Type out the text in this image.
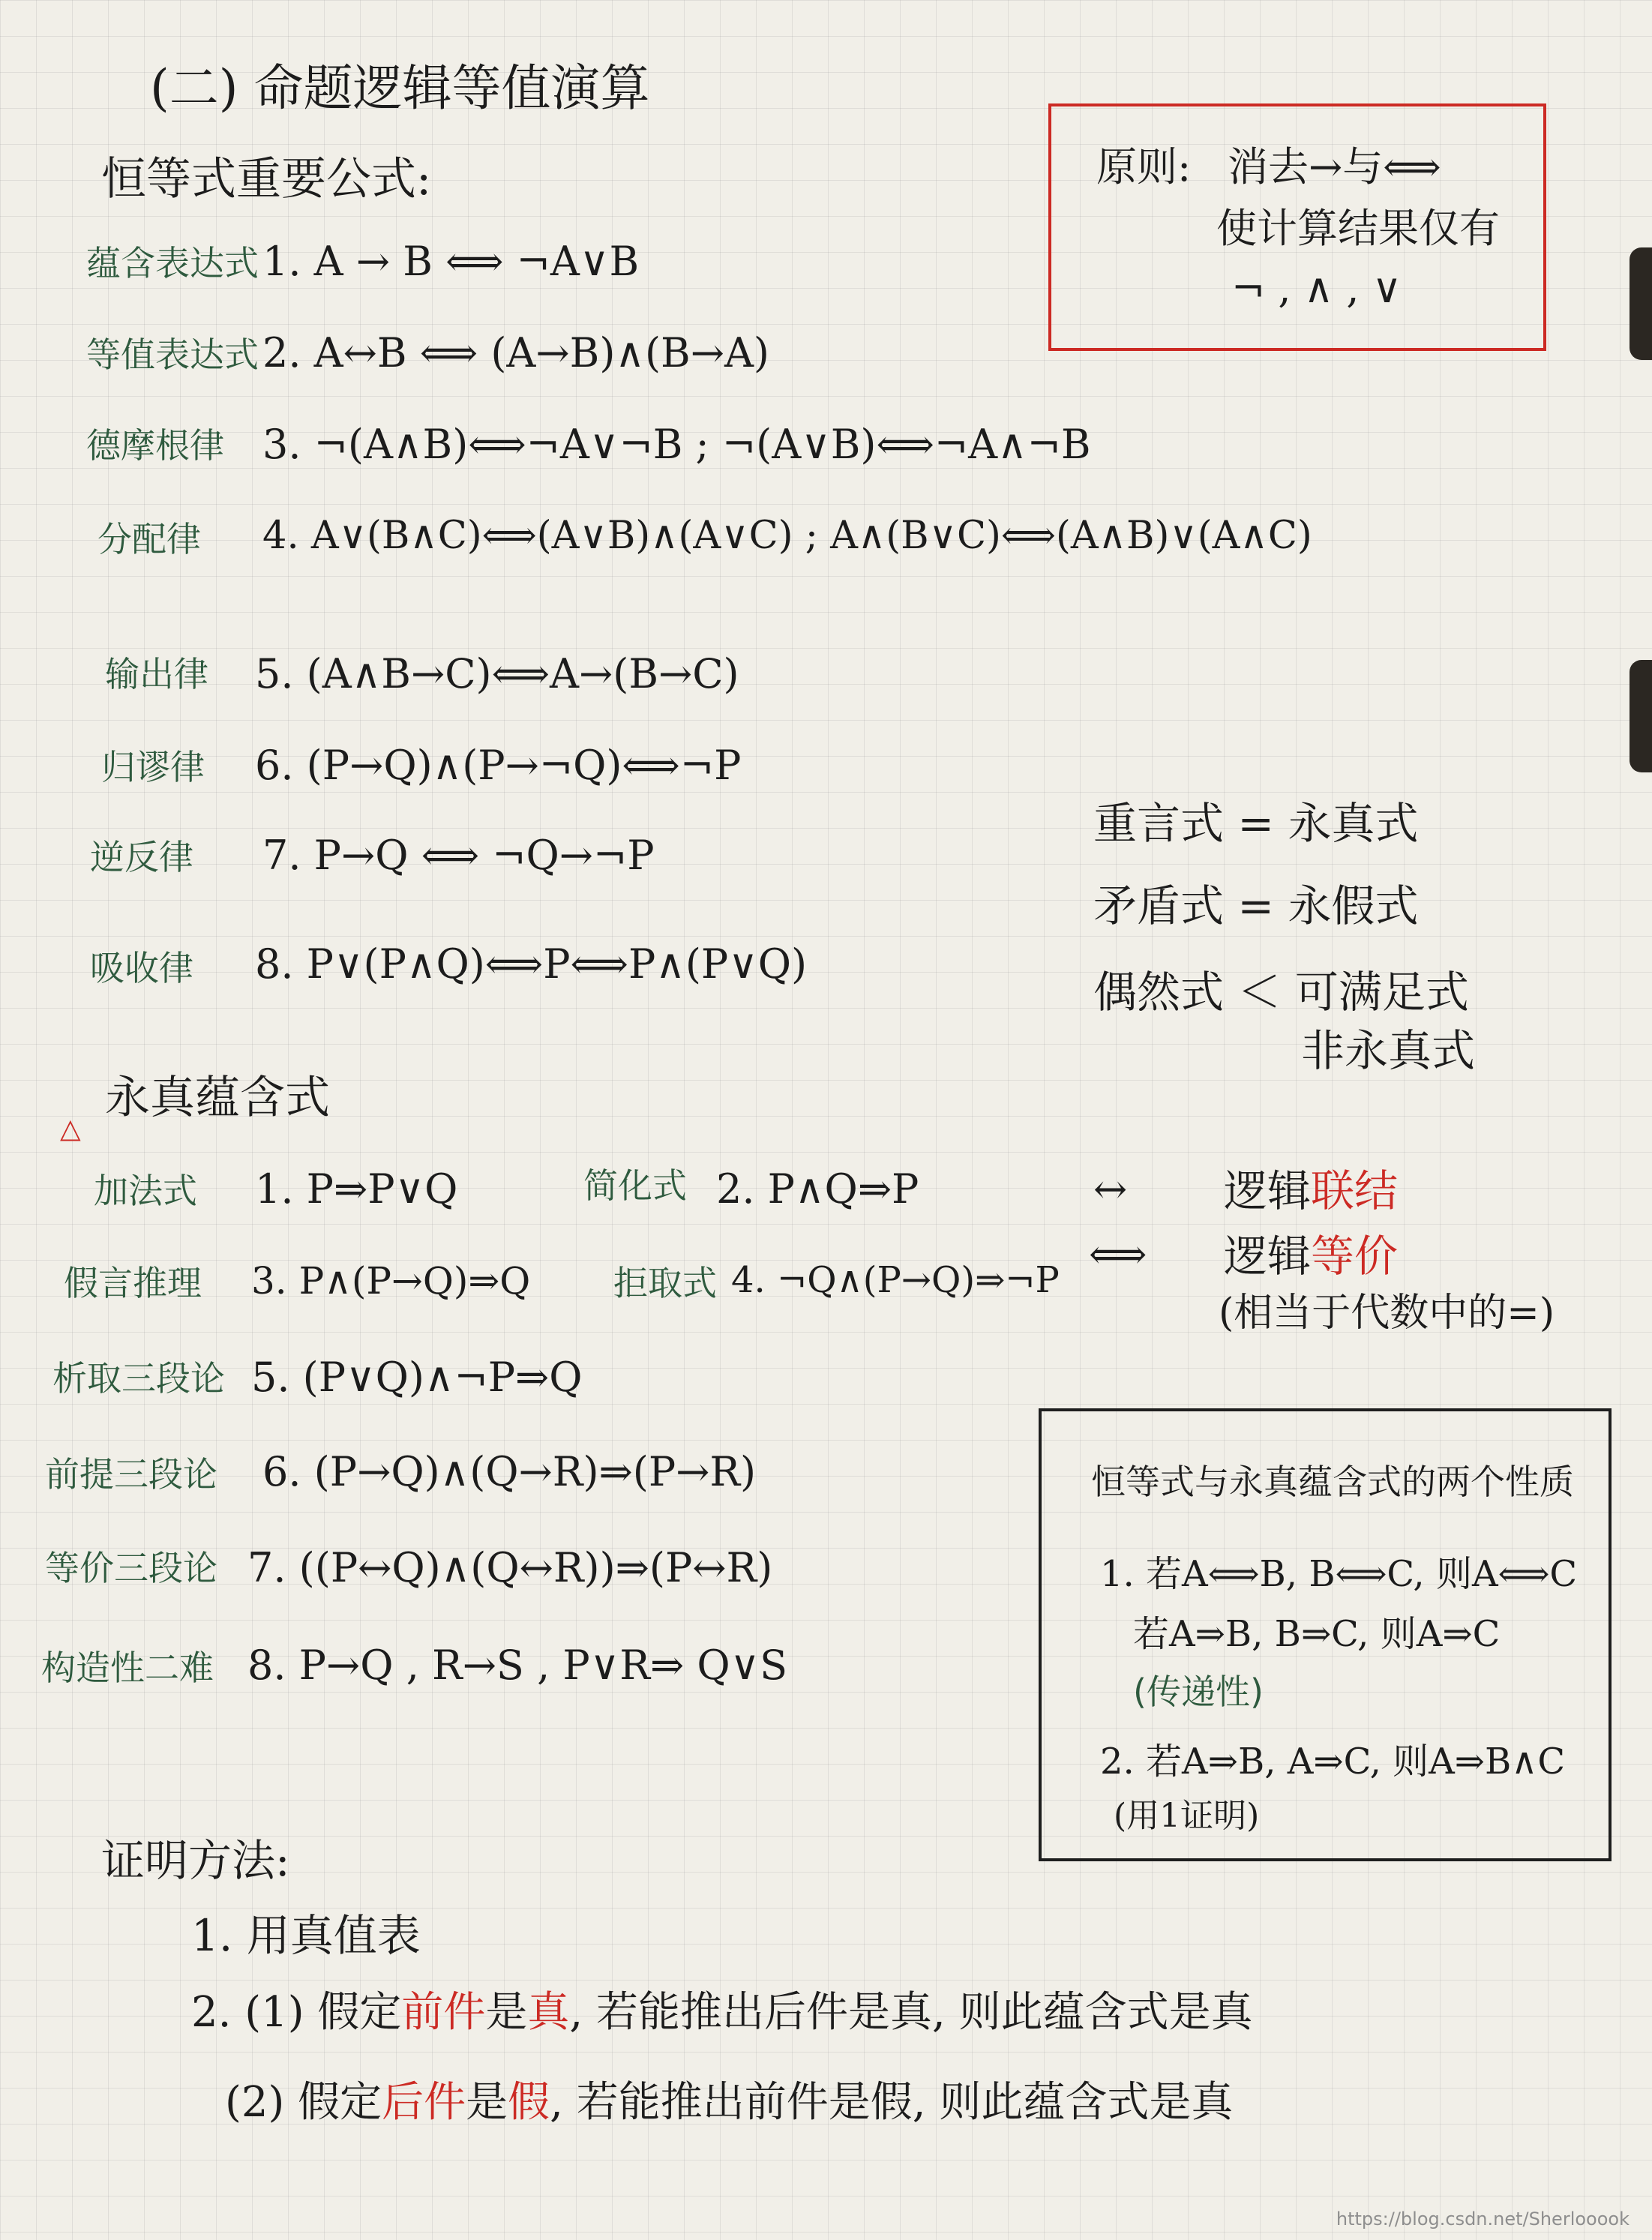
(二) 命题逻辑等值演算
恒等式重要公式:	原则: 消去→与⟺
使计算结果仅有
¬ , ∧ , ∨
蕴含表达式 1. A → B ⟺ ¬A∨B
等值表达式 2. A↔B ⟺ (A→B)∧(B→A)
德摩根律 3. ¬(A∧B)⟺¬A∨¬B ; ¬(A∨B)⟺¬A∧¬B
分配律 4. A∨(B∧C)⟺(A∨B)∧(A∨C) ; A∧(B∨C)⟺(A∧B)∨(A∧C)
输出律 5. (A∧B→C)⟺A→(B→C)
归谬律 6. (P→Q)∧(P→¬Q)⟺¬P
逆反律 7. P→Q ⟺ ¬Q→¬P
吸收律 8. P∨(P∧Q)⟺P⟺P∧(P∨Q)
重言式 = 永真式
矛盾式 = 永假式
偶然式 ＜ 可满足式
非永真式
△
永真蕴含式
加法式 1. P⇒P∨Q	简化式 2. P∧Q⇒P
假言推理 3. P∧(P→Q)⇒Q 拒取式 4. ¬Q∧(P→Q)⇒¬P
析取三段论 5. (P∨Q)∧¬P⇒Q
前提三段论 6. (P→Q)∧(Q→R)⇒(P→R)
等价三段论 7. ((P↔Q)∧(Q↔R))⇒(P↔R)
构造性二难 8. P→Q , R→S , P∨R⇒ Q∨S
↔ 逻辑联结
⟺ 逻辑等价
(相当于代数中的=)
恒等式与永真蕴含式的两个性质
1. 若A⟺B, B⟺C, 则A⟺C
若A⇒B, B⇒C, 则A⇒C
(传递性)
2. 若A⇒B, A⇒C, 则A⇒B∧C
(用1证明)
证明方法:
1. 用真值表
2. (1) 假定前件是真, 若能推出后件是真, 则此蕴含式是真
(2) 假定后件是假, 若能推出前件是假, 则此蕴含式是真
https://blog.csdn.net/Sherlooook
